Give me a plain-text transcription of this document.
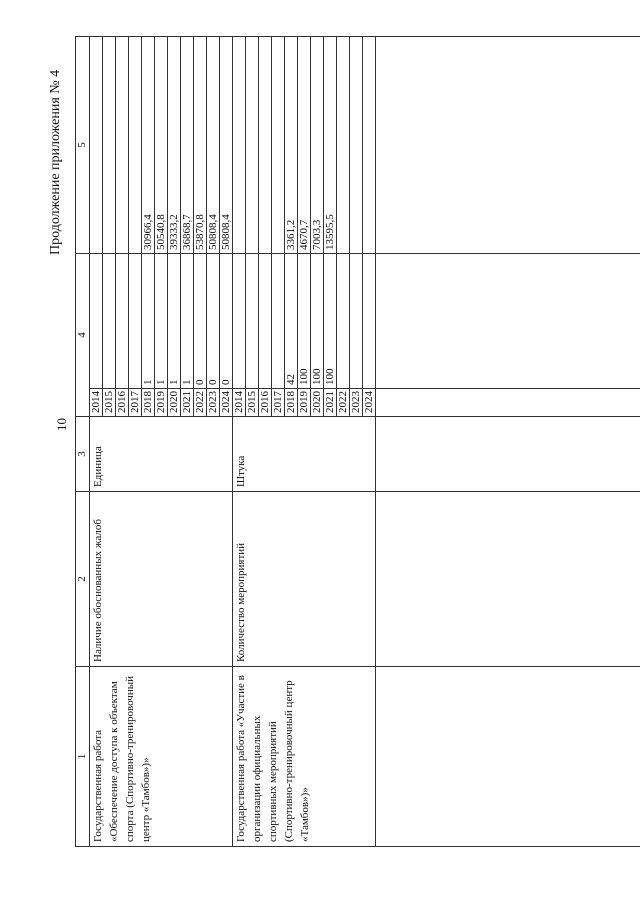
10
Продолжение приложения № 4
1	2	3	4		5	
Государственная работа «Обеспечение доступа к объектам спорта (Спортивно-тренировочный центр «Тамбов»)»	Наличие обоснованных жалоб	Единица	2014			
			2015			
			2016			
			2017			
			2018	1	30966,4	
			2019	1	50540,8	
			2020	1	39333,2	
			2021	1	36868,7	
			2022	0	53870,8	
			2023	0	50808,4	
			2024	0	50808,4	
Государственная работа «Участие в организации официальных спортивных мероприятий (Спортивно-тренировочный центр «Тамбов»)»	Количество мероприятий	Штука	2014			
			2015			
			2016			
			2017			
			2018	42	3361,2	
			2019	100	4670,7	
			2020	100	7003,3	
			2021	100	13595,5	
			2022			
			2023			
			2024			
